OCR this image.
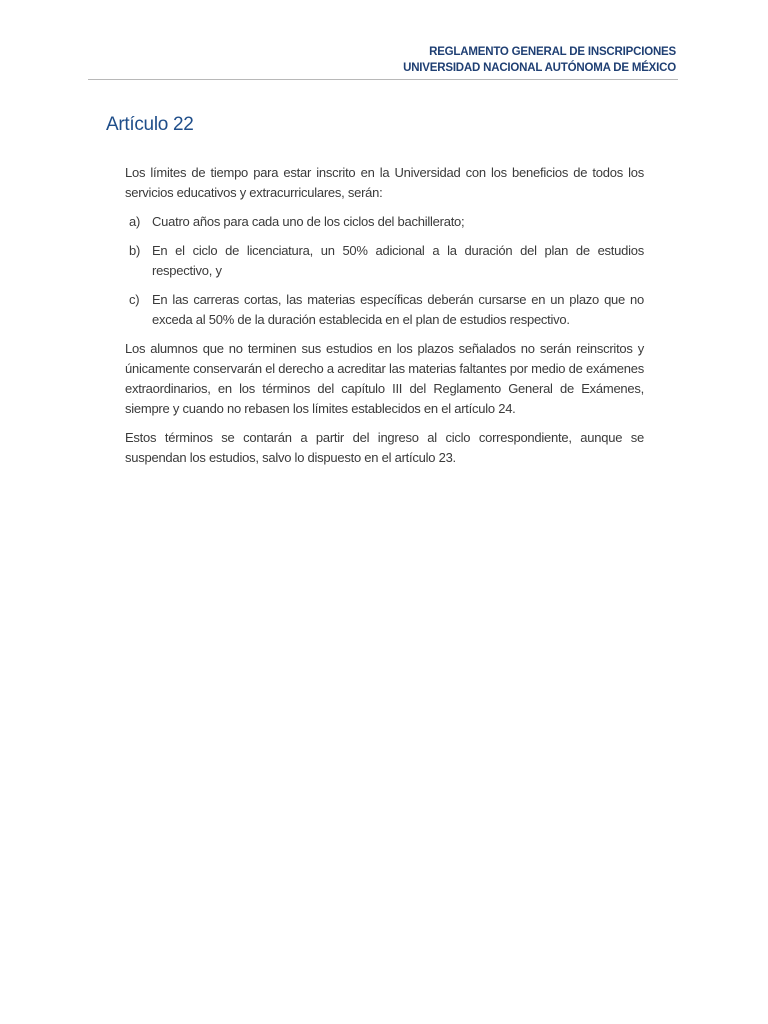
REGLAMENTO GENERAL DE INSCRIPCIONES
UNIVERSIDAD NACIONAL AUTÓNOMA DE MÉXICO
Artículo 22

Los límites de tiempo para estar inscrito en la Universidad con los beneficios de todos los servicios educativos y extracurriculares, serán:

a) Cuatro años para cada uno de los ciclos del bachillerato;
b) En el ciclo de licenciatura, un 50% adicional a la duración del plan de estudios respectivo, y
c) En las carreras cortas, las materias específicas deberán cursarse en un plazo que no exceda al 50% de la duración establecida en el plan de estudios respectivo.

Los alumnos que no terminen sus estudios en los plazos señalados no serán reinscritos y únicamente conservarán el derecho a acreditar las materias faltantes por medio de exámenes extraordinarios, en los términos del capítulo III del Reglamento General de Exámenes, siempre y cuando no rebasen los límites establecidos en el artículo 24.

Estos términos se contarán a partir del ingreso al ciclo correspondiente, aunque se suspendan los estudios, salvo lo dispuesto en el artículo 23.
